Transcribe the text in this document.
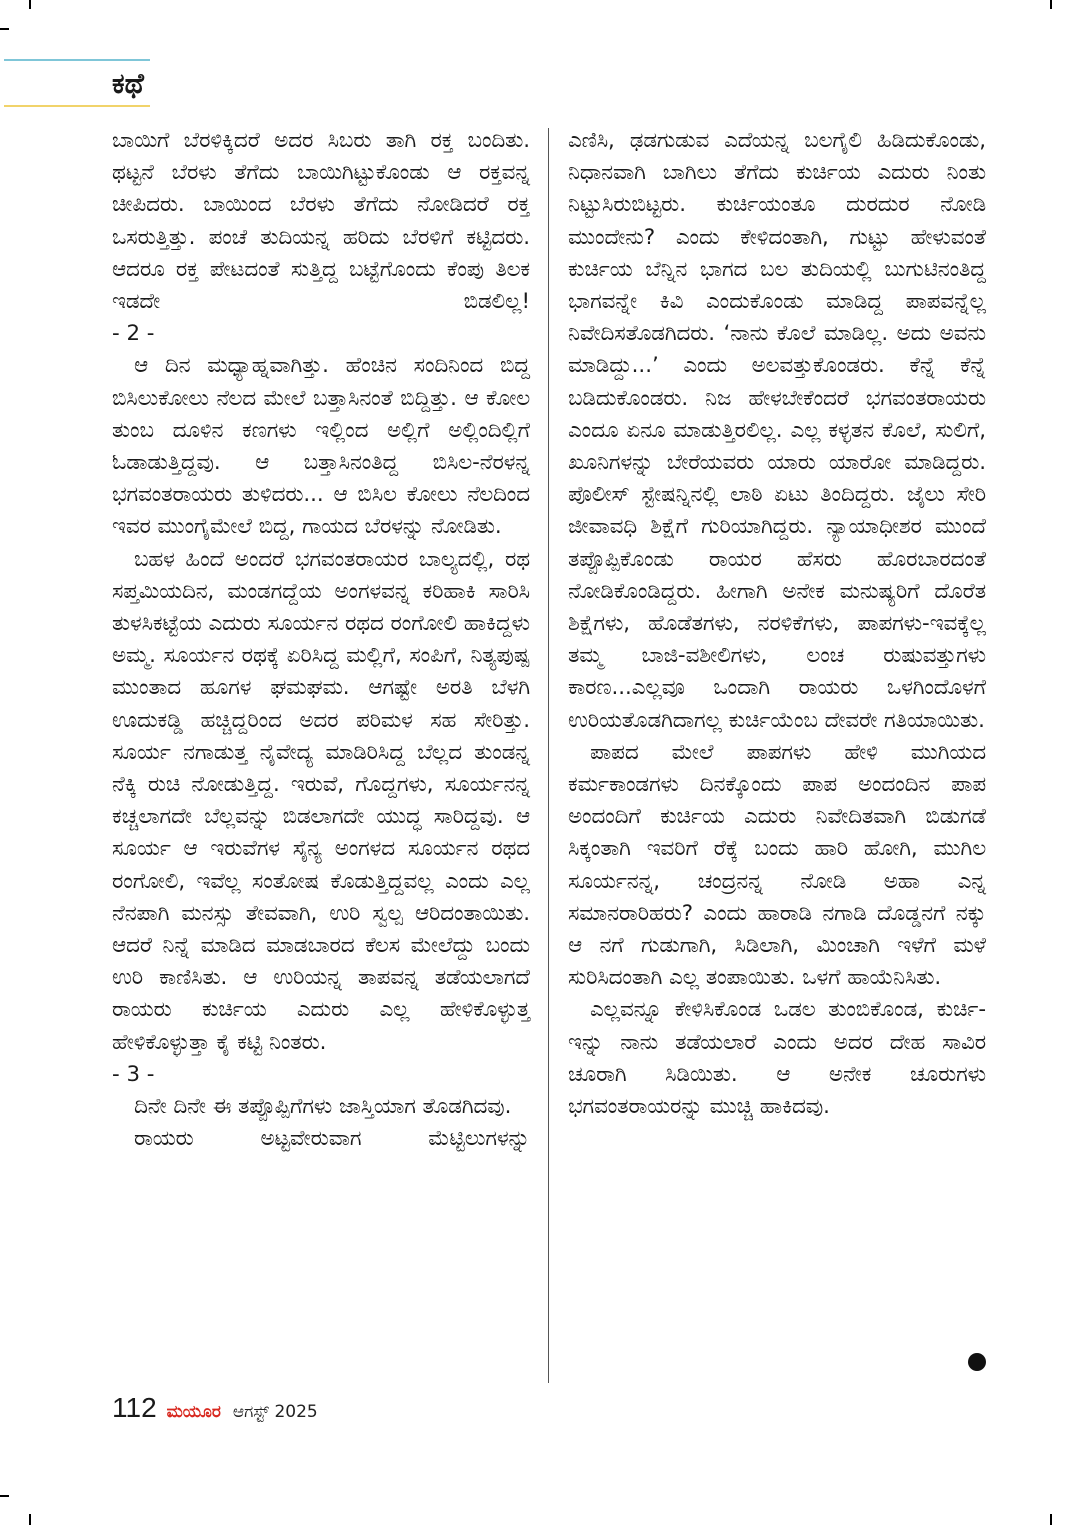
ಕಥೆ

ಬಾಯಿಗೆ ಬೆರಳಿಕ್ಕಿದರೆ ಅದರ ಸಿಬರು ತಾಗಿ ರಕ್ತ ಬಂದಿತು. ಥಟ್ಟನೆ ಬೆರಳು ತೆಗೆದು ಬಾಯಿಗಿಟ್ಟುಕೊಂಡು ಆ ರಕ್ತವನ್ನ ಚೀಪಿದರು. ಬಾಯಿಂದ ಬೆರಳು ತೆಗೆದು ನೋಡಿದರೆ ರಕ್ತ ಒಸರುತ್ತಿತ್ತು. ಪಂಚೆ ತುದಿಯನ್ನ ಹರಿದು ಬೆರಳಿಗೆ ಕಟ್ಟಿದರು. ಆದರೂ ರಕ್ತ ಪೇಟದಂತೆ ಸುತ್ತಿದ್ದ ಬಟ್ಟೆಗೊಂದು ಕೆಂಪು ತಿಲಕ ಇಡದೇ ಬಿಡಲಿಲ್ಲ!

- 2 -

ಆ ದಿನ ಮಧ್ಯಾಹ್ನವಾಗಿತ್ತು. ಹೆಂಚಿನ ಸಂದಿನಿಂದ ಬಿದ್ದ ಬಿಸಿಲುಕೋಲು ನೆಲದ ಮೇಲೆ ಬತ್ತಾಸಿನಂತೆ ಬಿದ್ದಿತ್ತು. ಆ ಕೋಲ ತುಂಬ ದೂಳಿನ ಕಣಗಳು ಇಲ್ಲಿಂದ ಅಲ್ಲಿಗೆ ಅಲ್ಲಿಂದಿಲ್ಲಿಗೆ ಓಡಾಡುತ್ತಿದ್ದವು. ಆ ಬತ್ತಾಸಿನಂತಿದ್ದ ಬಿಸಿಲ-ನೆರಳನ್ನ ಭಗವಂತರಾಯರು ತುಳಿದರು... ಆ ಬಿಸಿಲ ಕೋಲು ನೆಲದಿಂದ ಇವರ ಮುಂಗೈಮೇಲೆ ಬಿದ್ದ, ಗಾಯದ ಬೆರಳನ್ನು ನೋಡಿತು.

ಬಹಳ ಹಿಂದೆ ಅಂದರೆ ಭಗವಂತರಾಯರ ಬಾಲ್ಯದಲ್ಲಿ, ರಥ ಸಪ್ತಮಿಯದಿನ, ಮಂಡಗದ್ದೆಯ ಅಂಗಳವನ್ನ ಕರಿಹಾಕಿ ಸಾರಿಸಿ ತುಳಸಿಕಟ್ಟೆಯ ಎದುರು ಸೂರ್ಯನ ರಥದ ರಂಗೋಲಿ ಹಾಕಿದ್ದಳು ಅಮ್ಮ. ಸೂರ್ಯನ ರಥಕ್ಕೆ ಏರಿಸಿದ್ದ ಮಲ್ಲಿಗೆ, ಸಂಪಿಗೆ, ನಿತ್ಯಪುಷ್ಪ ಮುಂತಾದ ಹೂಗಳ ಘಮಘಮ. ಆಗಷ್ಟೇ ಅರತಿ ಬೆಳಗಿ ಊದುಕಡ್ಡಿ ಹಚ್ಚಿದ್ದರಿಂದ ಅದರ ಪರಿಮಳ ಸಹ ಸೇರಿತ್ತು. ಸೂರ್ಯ ನಗಾಡುತ್ತ ನೈವೇದ್ಯ ಮಾಡಿರಿಸಿದ್ದ ಬೆಲ್ಲದ ತುಂಡನ್ನ ನೆಕ್ಕಿ ರುಚಿ ನೋಡುತ್ತಿದ್ದ. ಇರುವೆ, ಗೊದ್ದಗಳು, ಸೂರ್ಯನನ್ನ ಕಚ್ಚಲಾಗದೇ ಬೆಲ್ಲವನ್ನು ಬಿಡಲಾಗದೇ ಯುದ್ಧ ಸಾರಿದ್ದವು. ಆ ಸೂರ್ಯ ಆ ಇರುವೆಗಳ ಸೈನ್ಯ ಅಂಗಳದ ಸೂರ್ಯನ ರಥದ ರಂಗೋಲಿ, ಇವೆಲ್ಲ ಸಂತೋಷ ಕೊಡುತ್ತಿದ್ದವಲ್ಲ ಎಂದು ಎಲ್ಲ ನೆನಪಾಗಿ ಮನಸ್ಸು ತೇವವಾಗಿ, ಉರಿ ಸ್ವಲ್ಪ ಆರಿದಂತಾಯಿತು. ಆದರೆ ನಿನ್ನೆ ಮಾಡಿದ ಮಾಡಬಾರದ ಕೆಲಸ ಮೇಲೆದ್ದು ಬಂದು ಉರಿ ಕಾಣಿಸಿತು. ಆ ಉರಿಯನ್ನ ತಾಪವನ್ನ ತಡೆಯಲಾಗದೆ ರಾಯರು ಕುರ್ಚಿಯ ಎದುರು ಎಲ್ಲ ಹೇಳಿಕೊಳ್ಳುತ್ತ ಹೇಳಿಕೊಳ್ಳುತ್ತಾ ಕೈ ಕಟ್ಟಿ ನಿಂತರು.

- 3 -

ದಿನೇ ದಿನೇ ಈ ತಪ್ಪೊಪ್ಪಿಗೆಗಳು ಜಾಸ್ತಿಯಾಗ ತೊಡಗಿದವು.

ರಾಯರು ಅಟ್ಟವೇರುವಾಗ ಮೆಟ್ಟಿಲುಗಳನ್ನು

ಎಣಿಸಿ, ಢಡಗುಡುವ ಎದೆಯನ್ನ ಬಲಗೈಲಿ ಹಿಡಿದುಕೊಂಡು, ನಿಧಾನವಾಗಿ ಬಾಗಿಲು ತೆಗೆದು ಕುರ್ಚಿಯ ಎದುರು ನಿಂತು ನಿಟ್ಟುಸಿರುಬಿಟ್ಟರು. ಕುರ್ಚಿಯಂತೂ ದುರದುರ ನೋಡಿ ಮುಂದೇನು? ಎಂದು ಕೇಳಿದಂತಾಗಿ, ಗುಟ್ಟು ಹೇಳುವಂತೆ ಕುರ್ಚಿಯ ಬೆನ್ನಿನ ಭಾಗದ ಬಲ ತುದಿಯಲ್ಲಿ ಬುಗುಟಿನಂತಿದ್ದ ಭಾಗವನ್ನೇ ಕಿವಿ ಎಂದುಕೊಂಡು ಮಾಡಿದ್ದ ಪಾಪವನ್ನೆಲ್ಲ ನಿವೇದಿಸತೊಡಗಿದರು. ‘ನಾನು ಕೊಲೆ ಮಾಡಿಲ್ಲ. ಅದು ಅವನು ಮಾಡಿದ್ದು...’ ಎಂದು ಅಲವತ್ತುಕೊಂಡರು. ಕೆನ್ನೆ ಕೆನ್ನೆ ಬಡಿದುಕೊಂಡರು. ನಿಜ ಹೇಳಬೇಕೆಂದರೆ ಭಗವಂತರಾಯರು ಎಂದೂ ಏನೂ ಮಾಡುತ್ತಿರಲಿಲ್ಲ. ಎಲ್ಲ ಕಳ್ಳತನ ಕೊಲೆ, ಸುಲಿಗೆ, ಖೂನಿಗಳನ್ನು ಬೇರೆಯವರು ಯಾರು ಯಾರೋ ಮಾಡಿದ್ದರು. ಪೊಲೀಸ್ ಸ್ಟೇಷನ್ನಿನಲ್ಲಿ ಲಾಠಿ ಏಟು ತಿಂದಿದ್ದರು. ಜೈಲು ಸೇರಿ ಜೀವಾವಧಿ ಶಿಕ್ಷೆಗೆ ಗುರಿಯಾಗಿದ್ದರು. ನ್ಯಾಯಾಧೀಶರ ಮುಂದೆ ತಪ್ಪೊಪ್ಪಿಕೊಂಡು ರಾಯರ ಹೆಸರು ಹೊರಬಾರದಂತೆ ನೋಡಿಕೊಂಡಿದ್ದರು. ಹೀಗಾಗಿ ಅನೇಕ ಮನುಷ್ಯರಿಗೆ ದೊರೆತ ಶಿಕ್ಷೆಗಳು, ಹೊಡೆತಗಳು, ನರಳಿಕೆಗಳು, ಪಾಪಗಳು-ಇವಕ್ಕೆಲ್ಲ ತಮ್ಮ ಬಾಜಿ-ವಶೀಲಿಗಳು, ಲಂಚ ರುಷುವತ್ತುಗಳು ಕಾರಣ...ಎಲ್ಲವೂ ಒಂದಾಗಿ ರಾಯರು ಒಳಗಿಂದೊಳಗೆ ಉರಿಯತೊಡಗಿದಾಗಲ್ಲ ಕುರ್ಚಿಯೆಂಬ ದೇವರೇ ಗತಿಯಾಯಿತು.

ಪಾಪದ ಮೇಲೆ ಪಾಪಗಳು ಹೇಳಿ ಮುಗಿಯದ ಕರ್ಮಕಾಂಡಗಳು ದಿನಕ್ಕೊಂದು ಪಾಪ ಅಂದಂದಿನ ಪಾಪ ಅಂದಂದಿಗೆ ಕುರ್ಚಿಯ ಎದುರು ನಿವೇದಿತವಾಗಿ ಬಿಡುಗಡೆ ಸಿಕ್ಕಂತಾಗಿ ಇವರಿಗೆ ರೆಕ್ಕೆ ಬಂದು ಹಾರಿ ಹೋಗಿ, ಮುಗಿಲ ಸೂರ್ಯನನ್ನ, ಚಂದ್ರನನ್ನ ನೋಡಿ ಅಹಾ ಎನ್ನ ಸಮಾನರಾರಿಹರು? ಎಂದು ಹಾರಾಡಿ ನಗಾಡಿ ದೊಡ್ಡನಗೆ ನಕ್ಕು ಆ ನಗೆ ಗುಡುಗಾಗಿ, ಸಿಡಿಲಾಗಿ, ಮಿಂಚಾಗಿ ಇಳೆಗೆ ಮಳೆ ಸುರಿಸಿದಂತಾಗಿ ಎಲ್ಲ ತಂಪಾಯಿತು. ಒಳಗೆ ಹಾಯೆನಿಸಿತು.

ಎಲ್ಲವನ್ನೂ ಕೇಳಿಸಿಕೊಂಡ ಒಡಲ ತುಂಬಿಕೊಂಡ, ಕುರ್ಚಿ- ಇನ್ನು ನಾನು ತಡೆಯಲಾರೆ ಎಂದು ಅದರ ದೇಹ ಸಾವಿರ ಚೂರಾಗಿ ಸಿಡಿಯಿತು. ಆ ಅನೇಕ ಚೂರುಗಳು ಭಗವಂತರಾಯರನ್ನು ಮುಚ್ಚಿ ಹಾಕಿದವು.

112 ಮಯೂರ ಆಗಸ್ಟ್ 2025
